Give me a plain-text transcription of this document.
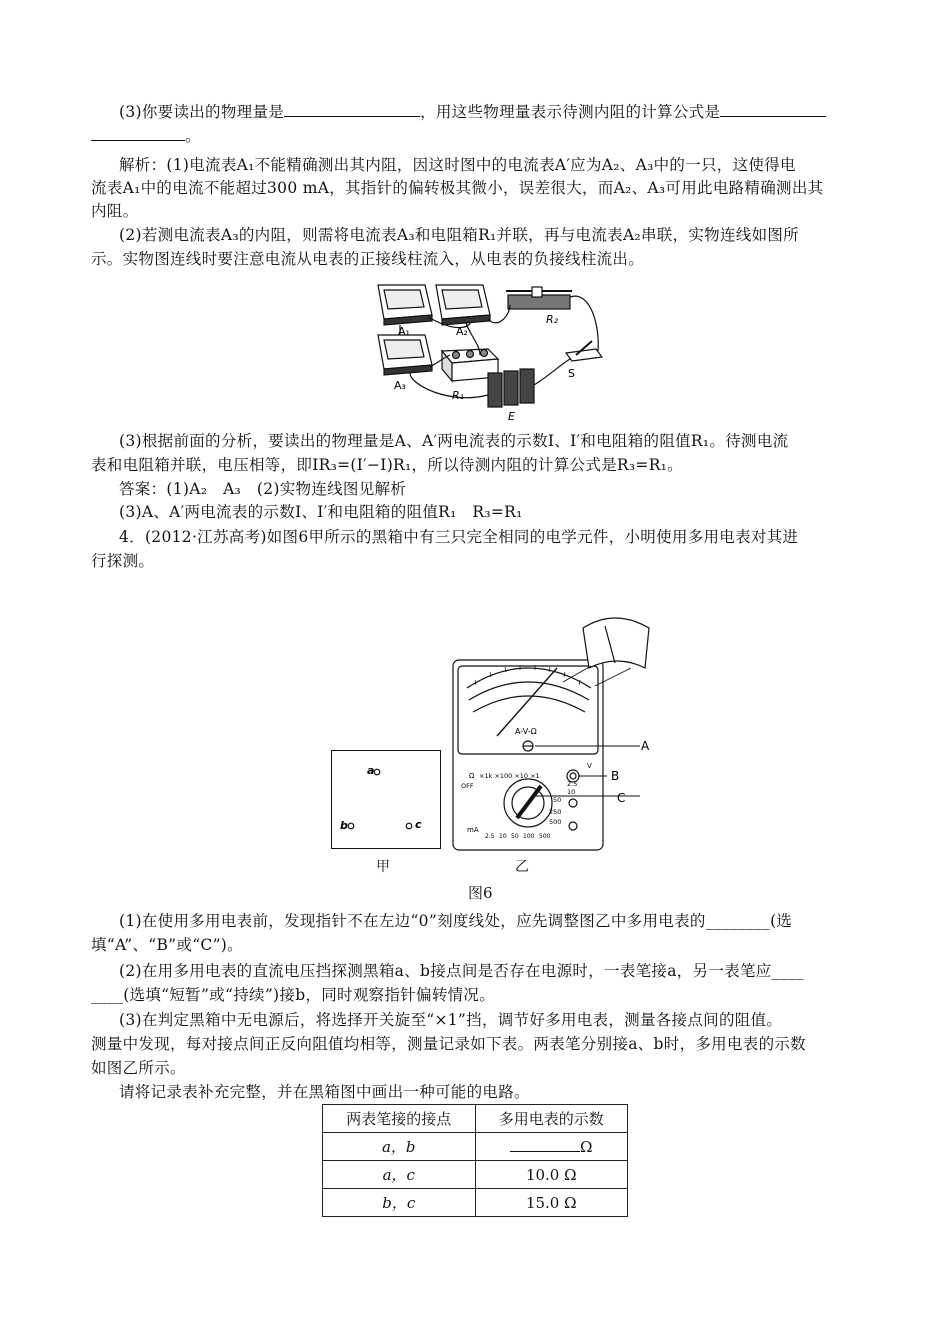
(3)你要读出的物理量是	，用这些物理量表示待测内阻的计算公式是
。
解析：(1)电流表A₁不能精确测出其内阻，因这时图中的电流表A′应为A₂、A₃中的一只，这使得电
流表A₁中的电流不能超过300 mA，其指针的偏转极其微小，误差很大，而A₂、A₃可用此电路精确测出其
内阻。
(2)若测电流表A₃的内阻，则需将电流表A₃和电阻箱R₁并联，再与电流表A₂串联，实物连线如图所
示。实物图连线时要注意电流从电表的正接线柱流入，从电表的负接线柱流出。
A₁	A₂
R₂
A₃
R₁
S
E
(3)根据前面的分析，要读出的物理量是A、A′两电流表的示数I、I′和电阻箱的阻值R₁。待测电流
表和电阻箱并联，电压相等，即IR₃=(I′−I)R₁，所以待测内阻的计算公式是R₃=R₁。
答案：(1)A₂　A₃　(2)实物连线图见解析
(3)A、A′两电流表的示数I、I′和电阻箱的阻值R₁　R₃=R₁
4．(2012·江苏高考)如图6甲所示的黑箱中有三只完全相同的电学元件，小明使用多用电表对其进
行探测。
a
b	c
甲
A-V-Ω
Ω ×1k ×100 ×10 ×1
V
OFF
mA
2.5
10
50
250
500
2.5 10 50 100 500
A
B
C
乙
图6
(1)在使用多用电表前，发现指针不在左边“0”刻度线处，应先调整图乙中多用电表的________(选
填“A”、“B”或“C”)。
(2)在用多用电表的直流电压挡探测黑箱a、b接点间是否存在电源时，一表笔接a，另一表笔应____
____(选填“短暂”或“持续”)接b，同时观察指针偏转情况。
(3)在判定黑箱中无电源后，将选择开关旋至“×1”挡，调节好多用电表，测量各接点间的阻值。
测量中发现，每对接点间正反向阻值均相等，测量记录如下表。两表笔分别接a、b时，多用电表的示数
如图乙所示。
请将记录表补充完整，并在黑箱图中画出一种可能的电路。
两表笔接的接点	多用电表的示数
a，b	Ω
a，c	10.0 Ω
b，c	15.0 Ω
